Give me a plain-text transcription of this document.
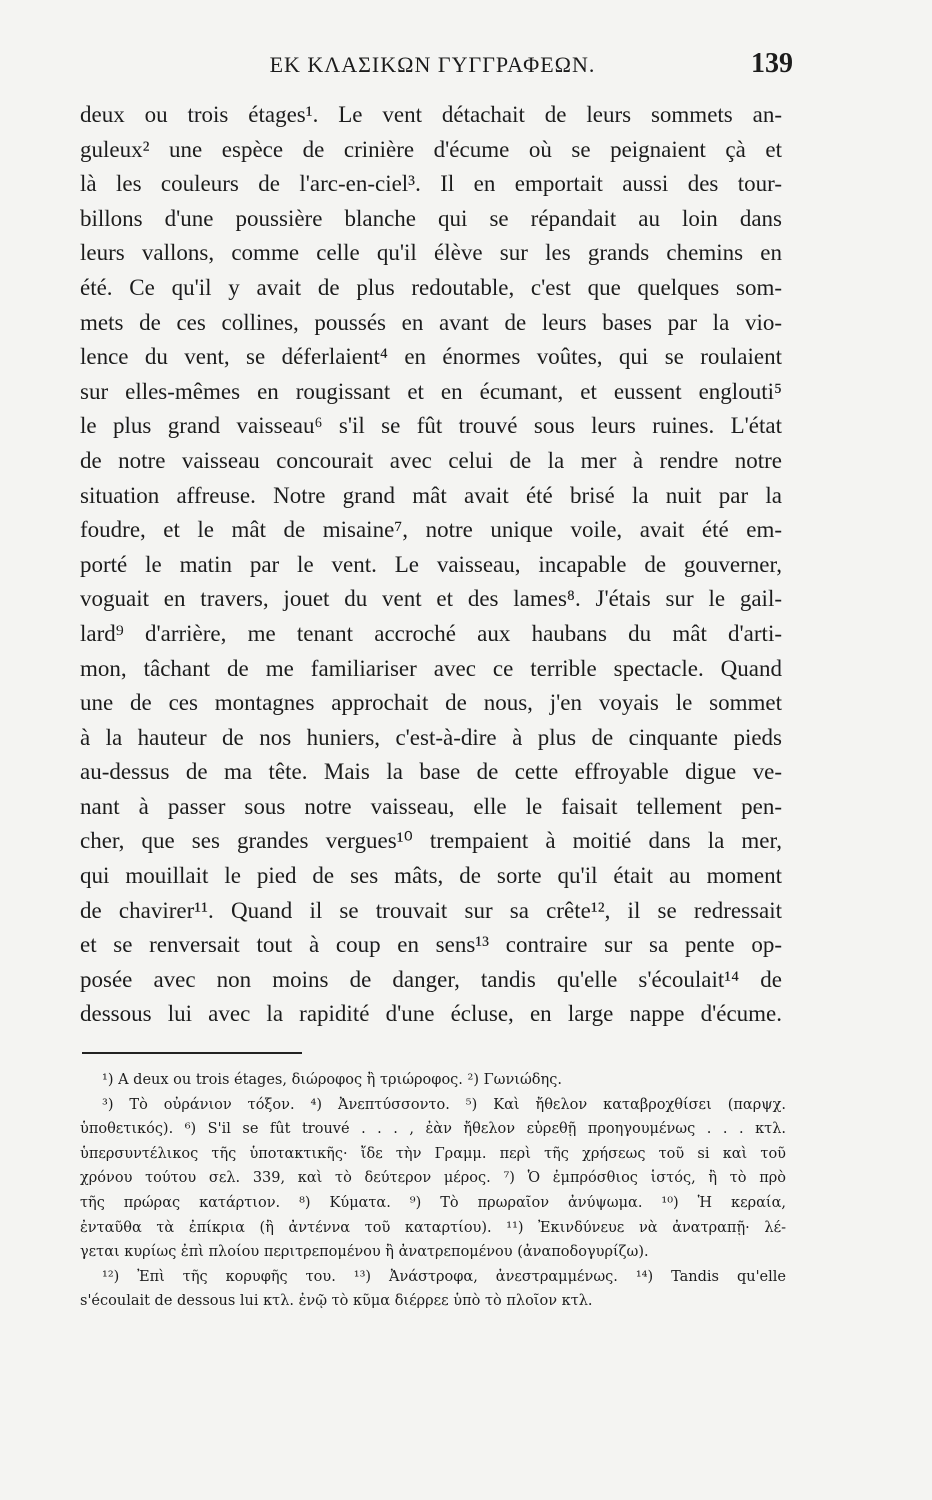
ΕΚ ΚΛΑΣΙΚΩΝ ΓΥΓΓΡΑΦΕΩΝ.	139
deux ou trois étages¹. Le vent détachait de leurs sommets an-
guleux² une espèce de crinière d'écume où se peignaient çà et
là les couleurs de l'arc-en-ciel³. Il en emportait aussi des tour-
billons d'une poussière blanche qui se répandait au loin dans
leurs vallons, comme celle qu'il élève sur les grands chemins en
été. Ce qu'il y avait de plus redoutable, c'est que quelques som-
mets de ces collines, poussés en avant de leurs bases par la vio-
lence du vent, se déferlaient⁴ en énormes voûtes, qui se roulaient
sur elles-mêmes en rougissant et en écumant, et eussent englouti⁵
le plus grand vaisseau⁶ s'il se fût trouvé sous leurs ruines. L'état
de notre vaisseau concourait avec celui de la mer à rendre notre
situation affreuse. Notre grand mât avait été brisé la nuit par la
foudre, et le mât de misaine⁷, notre unique voile, avait été em-
porté le matin par le vent. Le vaisseau, incapable de gouverner,
voguait en travers, jouet du vent et des lames⁸. J'étais sur le gail-
lard⁹ d'arrière, me tenant accroché aux haubans du mât d'arti-
mon, tâchant de me familiariser avec ce terrible spectacle. Quand
une de ces montagnes approchait de nous, j'en voyais le sommet
à la hauteur de nos huniers, c'est-à-dire à plus de cinquante pieds
au-dessus de ma tête. Mais la base de cette effroyable digue ve-
nant à passer sous notre vaisseau, elle le faisait tellement pen-
cher, que ses grandes vergues¹⁰ trempaient à moitié dans la mer,
qui mouillait le pied de ses mâts, de sorte qu'il était au moment
de chavirer¹¹. Quand il se trouvait sur sa crête¹², il se redressait
et se renversait tout à coup en sens¹³ contraire sur sa pente op-
posée avec non moins de danger, tandis qu'elle s'écoulait¹⁴ de
dessous lui avec la rapidité d'une écluse, en large nappe d'écume.
¹) A deux ou trois étages, διώροφος ἢ τριώροφος. ²) Γωνιώδης.
³) Τὸ οὐράνιον τόξον. ⁴) Ἀνεπτύσσοντο. ⁵) Καὶ ἤθελον καταβροχθίσει (παρψχ.
ὑποθετικός). ⁶) S'il se fût trouvé . . . , ἐὰν ἤθελον εὑρεθῇ προηγουμένως . . . κτλ.
ὑπερσυντέλικος τῆς ὑποτακτικῆς· ἴδε τὴν Γραμμ. περὶ τῆς χρήσεως τοῦ si καὶ τοῦ
χρόνου τούτου σελ. 339, καὶ τὸ δεύτερον μέρος. ⁷) Ὁ ἐμπρόσθιος ἱστός, ἢ τὸ πρὸ
τῆς πρώρας κατάρτιον. ⁸) Κύματα. ⁹) Τὸ πρωραῖον ἀνύψωμα. ¹⁰) Ἡ κεραία,
ἐνταῦθα τὰ ἐπίκρια (ἢ ἀντέννα τοῦ καταρτίου). ¹¹) Ἐκινδύνευε νὰ ἀνατραπῇ· λέ-
γεται κυρίως ἐπὶ πλοίου περιτρεπομένου ἢ ἀνατρεπομένου (ἀναποδογυρίζω).
¹²) Ἐπὶ τῆς κορυφῆς του. ¹³) Ἀνάστροφα, ἀνεστραμμένως. ¹⁴) Tandis qu'elle
s'écoulait de dessous lui κτλ. ἐνῷ τὸ κῦμα διέρρεε ὑπὸ τὸ πλοῖον κτλ.
